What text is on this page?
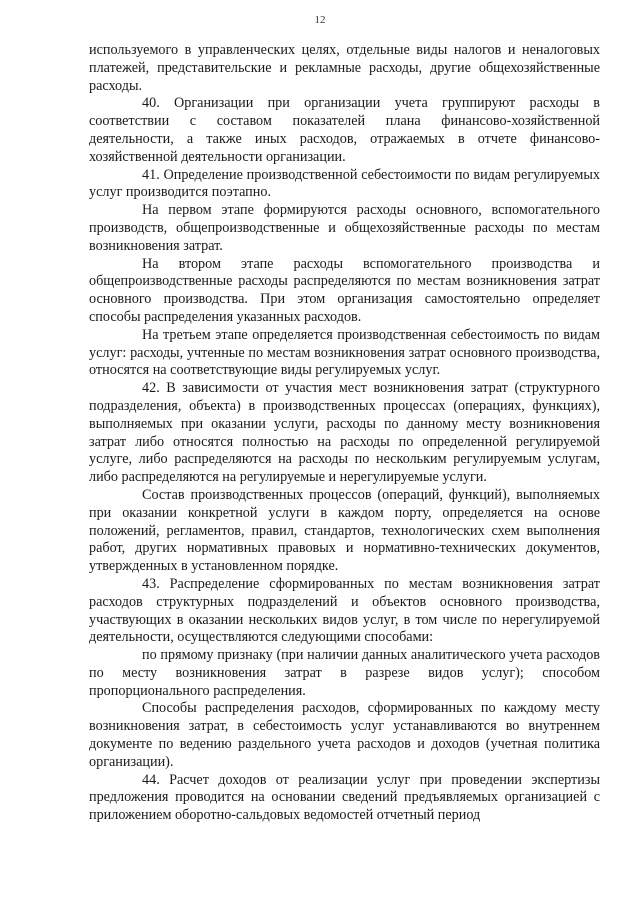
12

используемого в управленческих целях, отдельные виды налогов и неналоговых платежей, представительские и рекламные расходы, другие общехозяйственные расходы.

40. Организации при организации учета группируют расходы в соответствии с составом показателей плана финансово-хозяйственной деятельности, а также иных расходов, отражаемых в отчете финансово-хозяйственной деятельности организации.

41. Определение производственной себестоимости по видам регулируемых услуг производится поэтапно.

На первом этапе формируются расходы основного, вспомогательного производств, общепроизводственные и общехозяйственные расходы по местам возникновения затрат.

На втором этапе расходы вспомогательного производства и общепроизводственные расходы распределяются по местам возникновения затрат основного производства. При этом организация самостоятельно определяет способы распределения указанных расходов.

На третьем этапе определяется производственная себестоимость по видам услуг: расходы, учтенные по местам возникновения затрат основного производства, относятся на соответствующие виды регулируемых услуг.

42. В зависимости от участия мест возникновения затрат (структурного подразделения, объекта) в производственных процессах (операциях, функциях), выполняемых при оказании услуги, расходы по данному месту возникновения затрат либо относятся полностью на расходы по определенной регулируемой услуге, либо распределяются на расходы по нескольким регулируемым услугам, либо распределяются на регулируемые и нерегулируемые услуги.

Состав производственных процессов (операций, функций), выполняемых при оказании конкретной услуги в каждом порту, определяется на основе положений, регламентов, правил, стандартов, технологических схем выполнения работ, других нормативных правовых и нормативно-технических документов, утвержденных в установленном порядке.

43. Распределение сформированных по местам возникновения затрат расходов структурных подразделений и объектов основного производства, участвующих в оказании нескольких видов услуг, в том числе по нерегулируемой деятельности, осуществляются следующими способами:

по прямому признаку (при наличии данных аналитического учета расходов по месту возникновения затрат в разрезе видов услуг); способом пропорционального распределения.

Способы распределения расходов, сформированных по каждому месту возникновения затрат, в себестоимость услуг устанавливаются во внутреннем документе по ведению раздельного учета расходов и доходов (учетная политика организации).

44. Расчет доходов от реализации услуг при проведении экспертизы предложения проводится на основании сведений предъявляемых организацией с приложением оборотно-сальдовых ведомостей отчетный период
